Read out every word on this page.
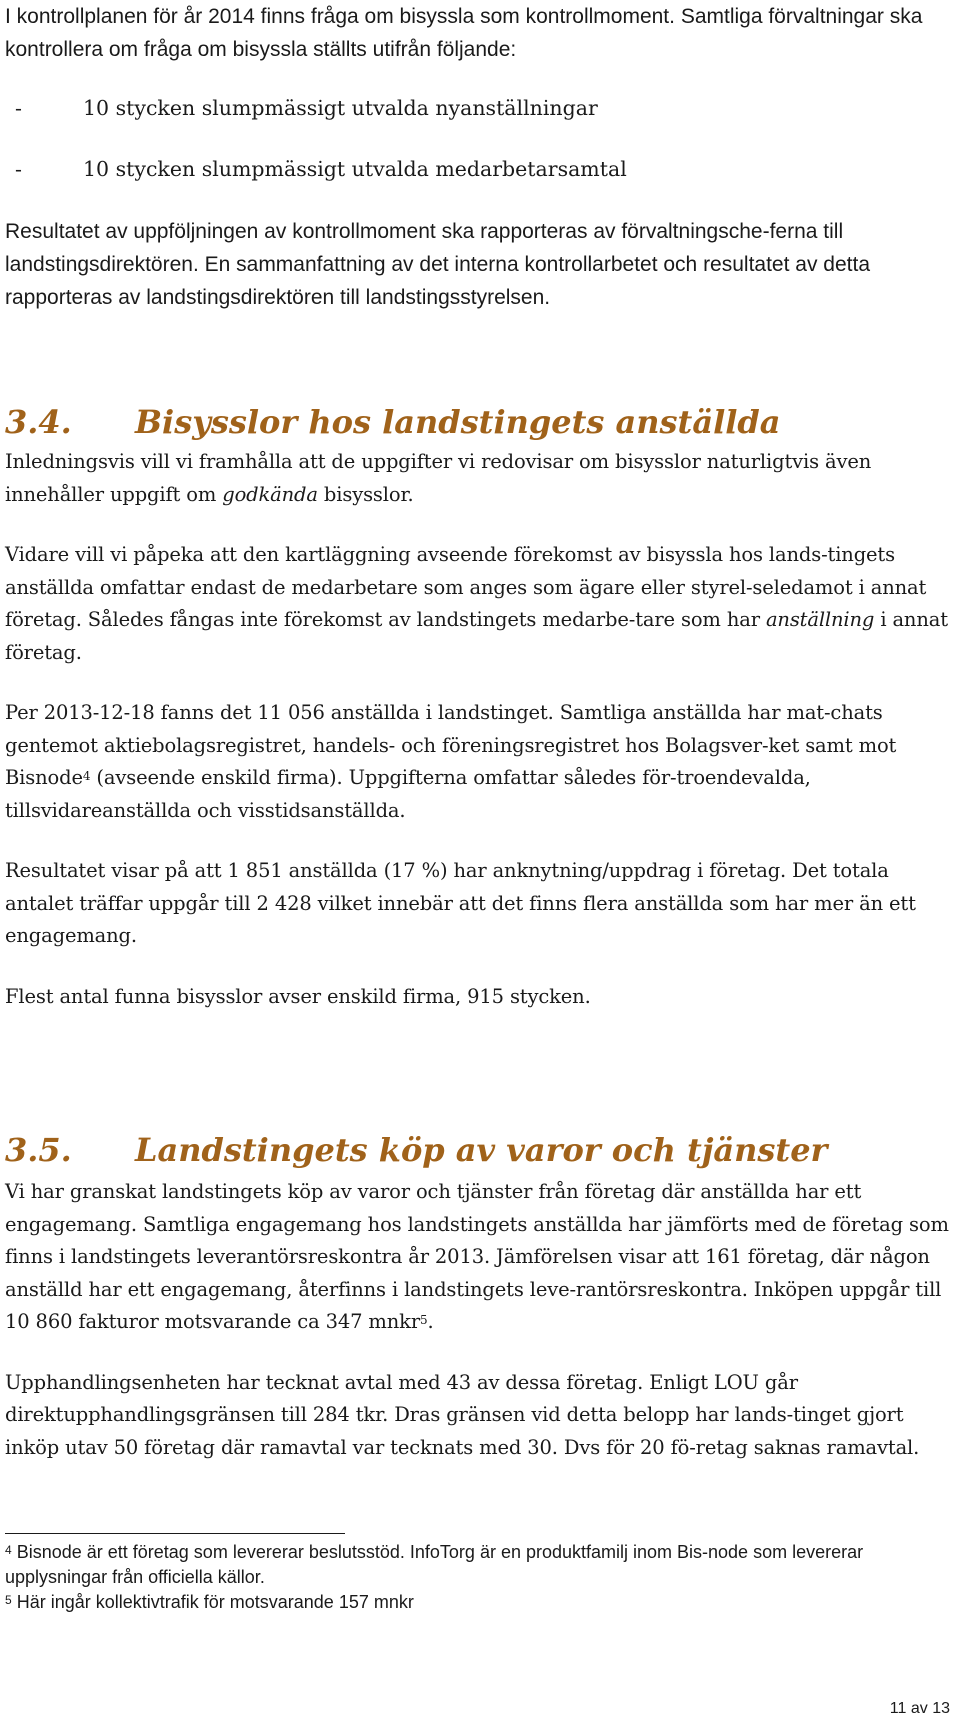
I kontrollplanen för år 2014 finns fråga om bisyssla som kontrollmoment. Samtliga förvaltningar ska kontrollera om fråga om bisyssla ställts utifrån följande:

-	10 stycken slumpmässigt utvalda nyanställningar
-	10 stycken slumpmässigt utvalda medarbetarsamtal

Resultatet av uppföljningen av kontrollmoment ska rapporteras av förvaltningsche-ferna till landstingsdirektören. En sammanfattning av det interna kontrollarbetet och resultatet av detta rapporteras av landstingsdirektören till landstingsstyrelsen.

3.4. Bisysslor hos landstingets anställda

Inledningsvis vill vi framhålla att de uppgifter vi redovisar om bisysslor naturligtvis även innehåller uppgift om godkända bisysslor.

Vidare vill vi påpeka att den kartläggning avseende förekomst av bisyssla hos lands-tingets anställda omfattar endast de medarbetare som anges som ägare eller styrel-seledamot i annat företag. Således fångas inte förekomst av landstingets medarbe-tare som har anställning i annat företag.

Per 2013-12-18 fanns det 11 056 anställda i landstinget. Samtliga anställda har mat-chats gentemot aktiebolagsregistret, handels- och föreningsregistret hos Bolagsver-ket samt mot Bisnode$^4$ (avseende enskild firma). Uppgifterna omfattar således för-troendevalda, tillsvidareanställda och visstidsanställda.

Resultatet visar på att 1 851 anställda (17 %) har anknytning/uppdrag i företag. Det totala antalet träffar uppgår till 2 428 vilket innebär att det finns flera anställda som har mer än ett engagemang.

Flest antal funna bisysslor avser enskild firma, 915 stycken.

3.5. Landstingets köp av varor och tjänster

Vi har granskat landstingets köp av varor och tjänster från företag där anställda har ett engagemang. Samtliga engagemang hos landstingets anställda har jämförts med de företag som finns i landstingets leverantörsreskontra år 2013. Jämförelsen visar att 161 företag, där någon anställd har ett engagemang, återfinns i landstingets leve-rantörsreskontra. Inköpen uppgår till 10 860 fakturor motsvarande ca 347 mnkr$^5$.

Upphandlingsenheten har tecknat avtal med 43 av dessa företag. Enligt LOU går direktupphandlingsgränsen till 284 tkr. Dras gränsen vid detta belopp har lands-tinget gjort inköp utav 50 företag där ramavtal var tecknats med 30. Dvs för 20 fö-retag saknas ramavtal.

$^4$ Bisnode är ett företag som levererar beslutsstöd. InfoTorg är en produktfamilj inom Bis-node som levererar upplysningar från officiella källor.

$^5$ Här ingår kollektivtrafik för motsvarande 157 mnkr

11 av 13
